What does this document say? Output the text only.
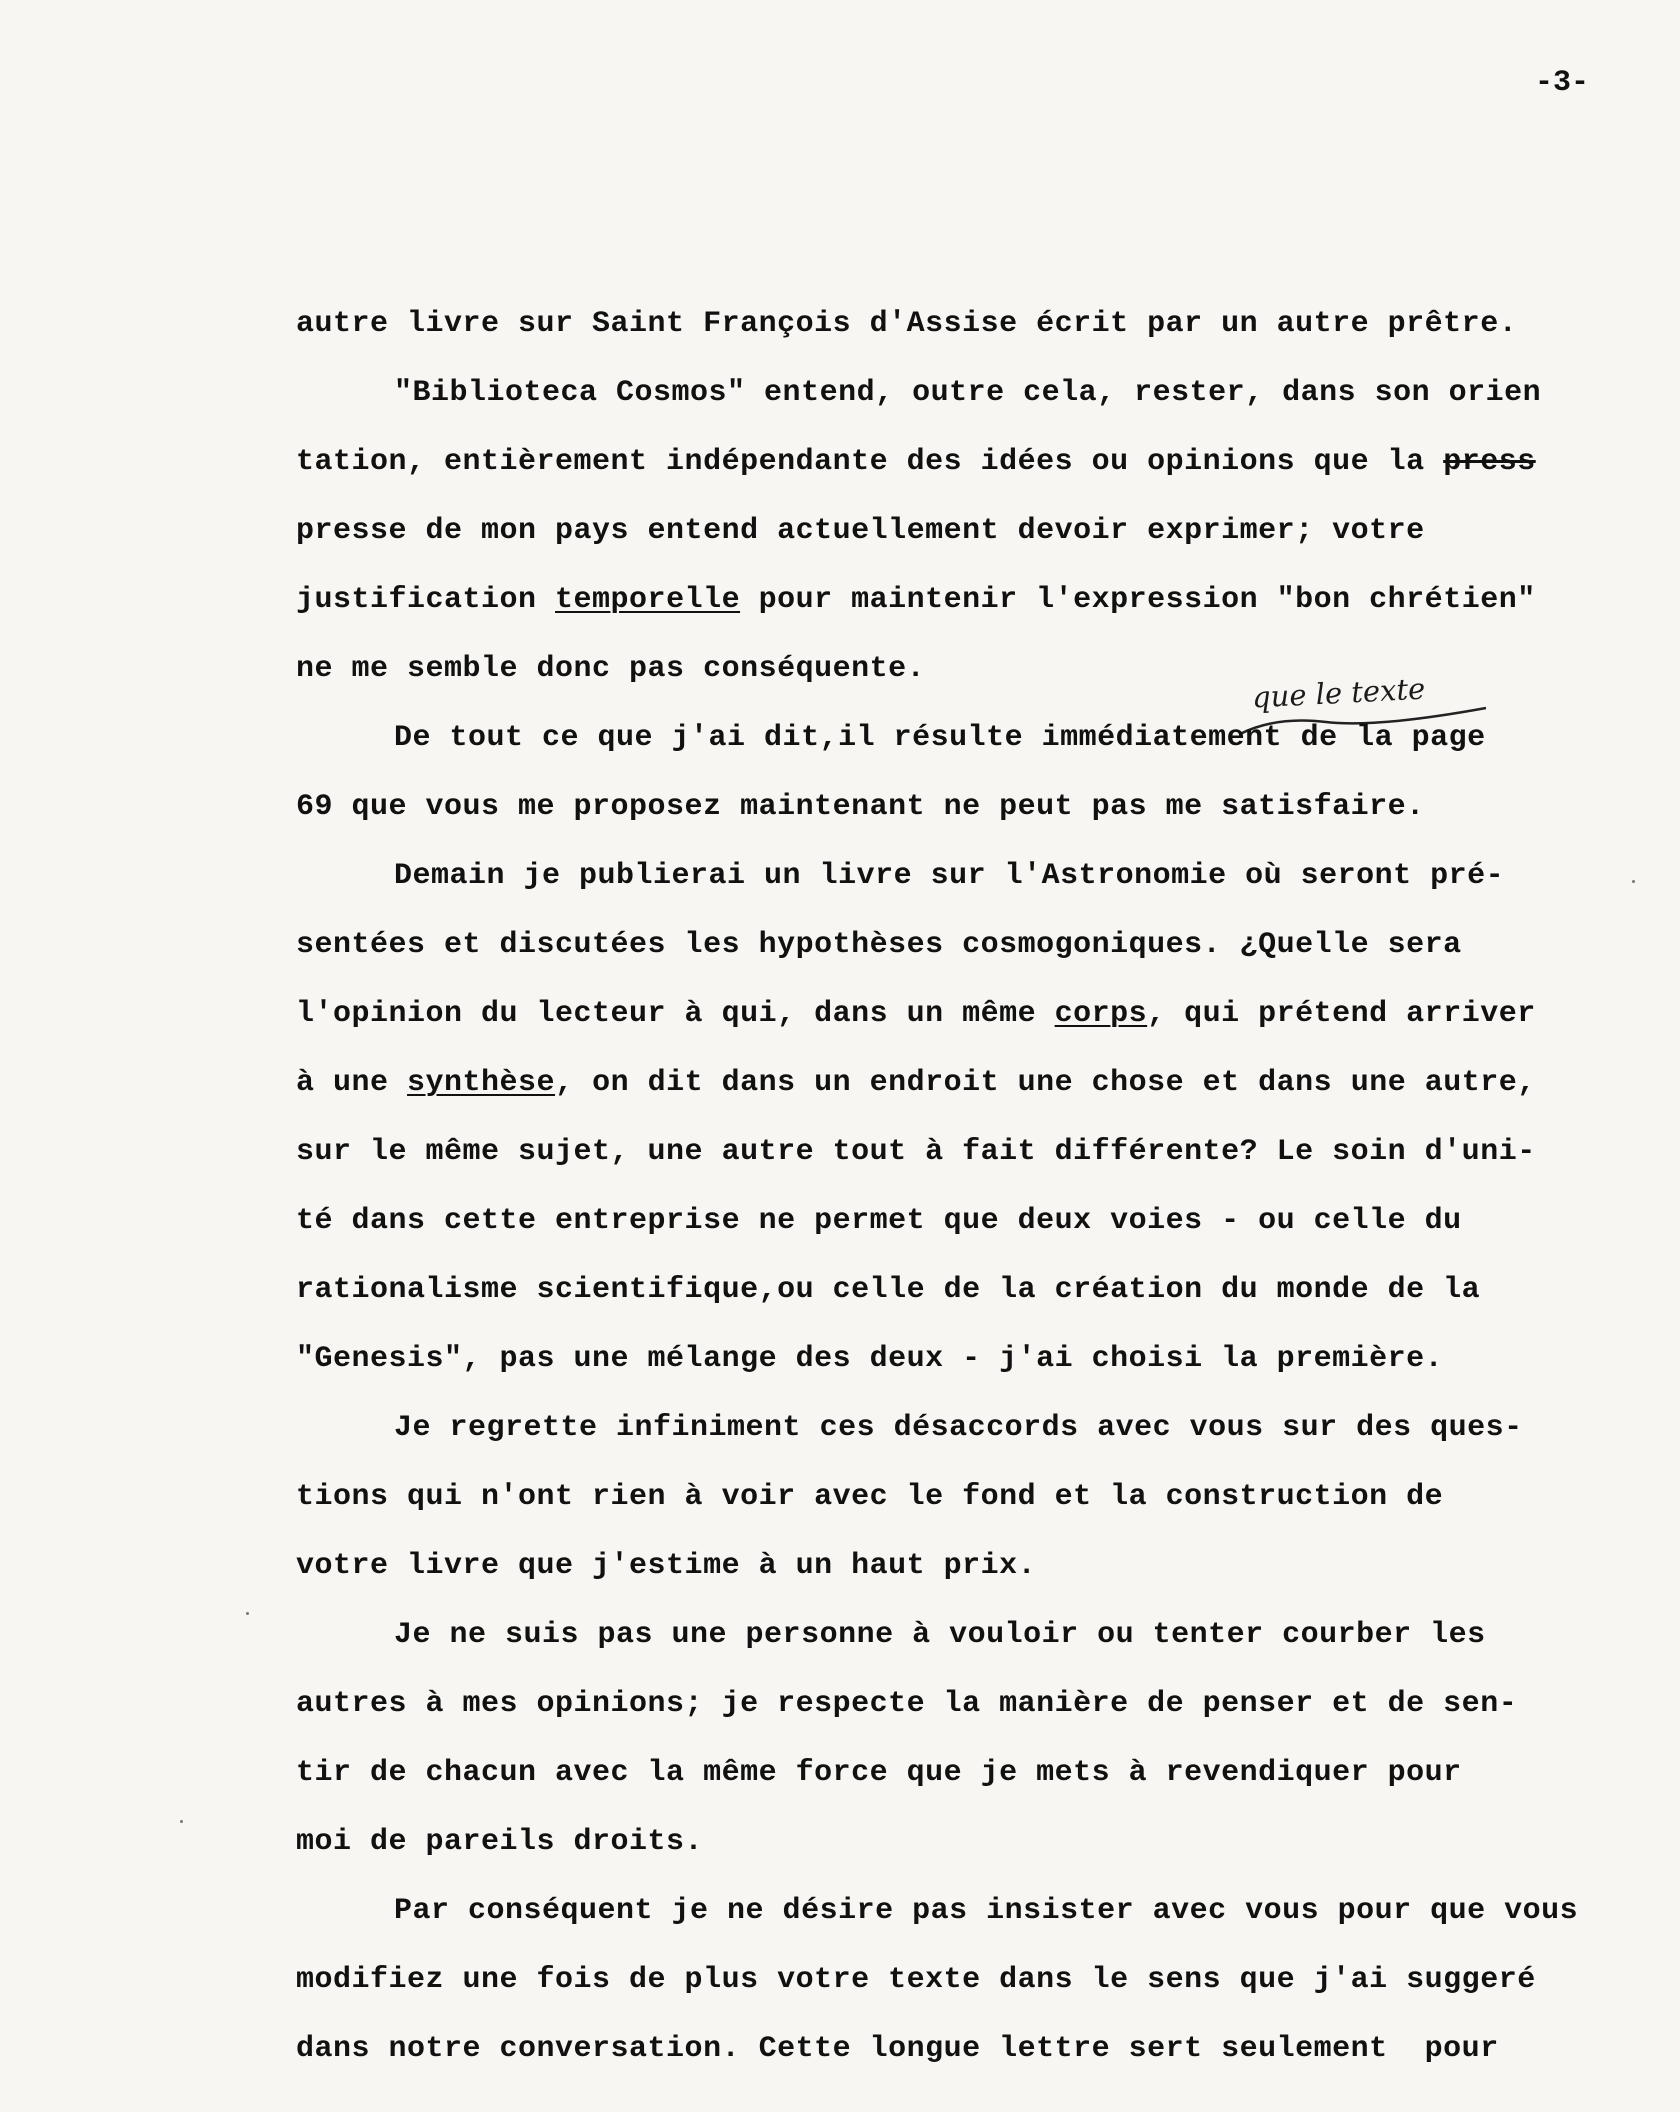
-3-
que le texte
autre livre sur Saint François d'Assise écrit par un autre prêtre.
"Biblioteca Cosmos" entend, outre cela, rester, dans son orien
tation, entièrement indépendante des idées ou opinions que la press
presse de mon pays entend actuellement devoir exprimer; votre
justification temporelle pour maintenir l'expression "bon chrétien"
ne me semble donc pas conséquente.
De tout ce que j'ai dit,il résulte immédiatement de la page
69 que vous me proposez maintenant ne peut pas me satisfaire.
Demain je publierai un livre sur l'Astronomie où seront pré-
sentées et discutées les hypothèses cosmogoniques. ¿Quelle sera
l'opinion du lecteur à qui, dans un même corps, qui prétend arriver
à une synthèse, on dit dans un endroit une chose et dans une autre,
sur le même sujet, une autre tout à fait différente? Le soin d'uni-
té dans cette entreprise ne permet que deux voies - ou celle du
rationalisme scientifique,ou celle de la création du monde de la
"Genesis", pas une mélange des deux - j'ai choisi la première.
Je regrette infiniment ces désaccords avec vous sur des ques-
tions qui n'ont rien à voir avec le fond et la construction de
votre livre que j'estime à un haut prix.
Je ne suis pas une personne à vouloir ou tenter courber les
autres à mes opinions; je respecte la manière de penser et de sen-
tir de chacun avec la même force que je mets à revendiquer pour
moi de pareils droits.
Par conséquent je ne désire pas insister avec vous pour que vous
modifiez une fois de plus votre texte dans le sens que j'ai suggeré
dans notre conversation. Cette longue lettre sert seulement  pour
